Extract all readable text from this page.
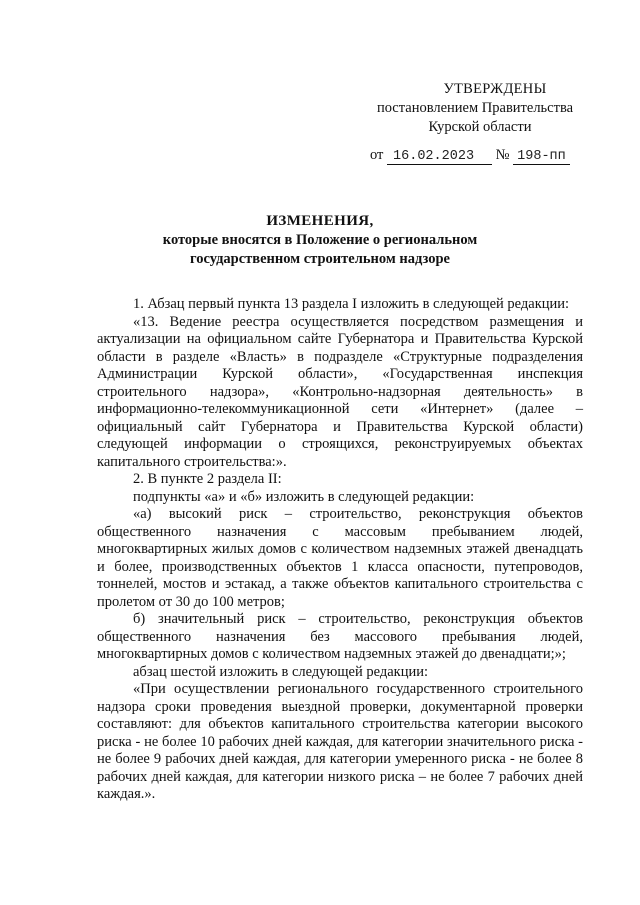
УТВЕРЖДЕНЫ
постановлением Правительства
Курской области
от 16.02.2023 № 198-пп
ИЗМЕНЕНИЯ,
которые вносятся в Положение о региональном
государственном строительном надзоре

1. Абзац первый пункта 13 раздела I изложить в следующей редакции:

«13. Ведение реестра осуществляется посредством размещения и актуализации на официальном сайте Губернатора и Правительства Курской области в разделе «Власть» в подразделе «Структурные подразделения Администрации Курской области», «Государственная инспекция строительного надзора», «Контрольно-надзорная деятельность» в информационно-телекоммуникационной сети «Интернет» (далее – официальный сайт Губернатора и Правительства Курской области) следующей информации о строящихся, реконструируемых объектах капитального строительства:».

2. В пункте 2 раздела II:

подпункты «а» и «б» изложить в следующей редакции:

«а) высокий риск – строительство, реконструкция объектов общественного назначения с массовым пребыванием людей, многоквартирных жилых домов с количеством надземных этажей двенадцать и более, производственных объектов 1 класса опасности, путепроводов, тоннелей, мостов и эстакад, а также объектов капитального строительства с пролетом от 30 до 100 метров;

б) значительный риск – строительство, реконструкция объектов общественного назначения без массового пребывания людей, многоквартирных домов с количеством надземных этажей до двенадцати;»;

абзац шестой изложить в следующей редакции:

«При осуществлении регионального государственного строительного надзора сроки проведения выездной проверки, документарной проверки составляют: для объектов капитального строительства категории высокого риска - не более 10 рабочих дней каждая, для категории значительного риска - не более 9 рабочих дней каждая, для категории умеренного риска - не более 8 рабочих дней каждая, для категории низкого риска – не более 7 рабочих дней каждая.».
